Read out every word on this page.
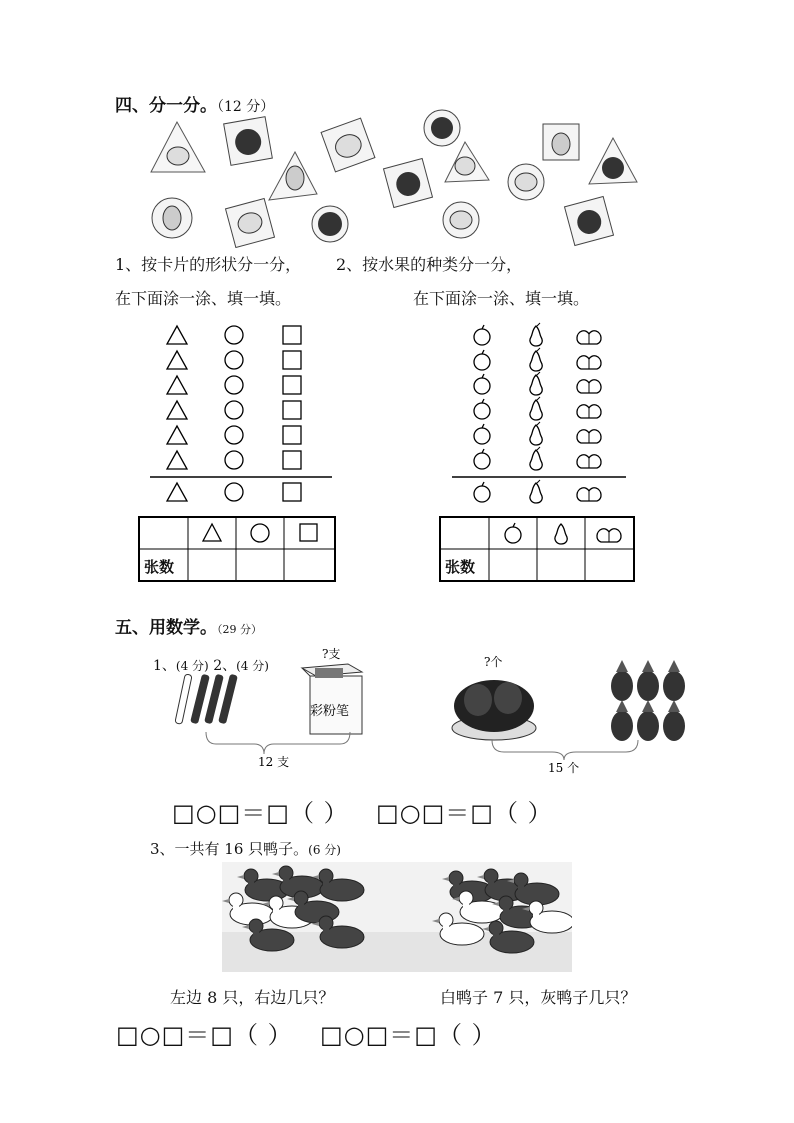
四、分一分。（12 分）
1、按卡片的形状分一分， 2、按水果的种类分一分，
在下面涂一涂、填一填。	在下面涂一涂、填一填。
张数	张数
五、用数学。（29 分）
1、(4 分) 2、(4 分)
彩粉笔
?支
12 支
?个
15 个
□○□＝□（ ） □○□＝□（ ）
3、一共有 16 只鸭子。(6 分)
左边 8 只，右边几只？	白鸭子 7 只，灰鸭子几只？
□○□＝□（ ） □○□＝□（ ）
